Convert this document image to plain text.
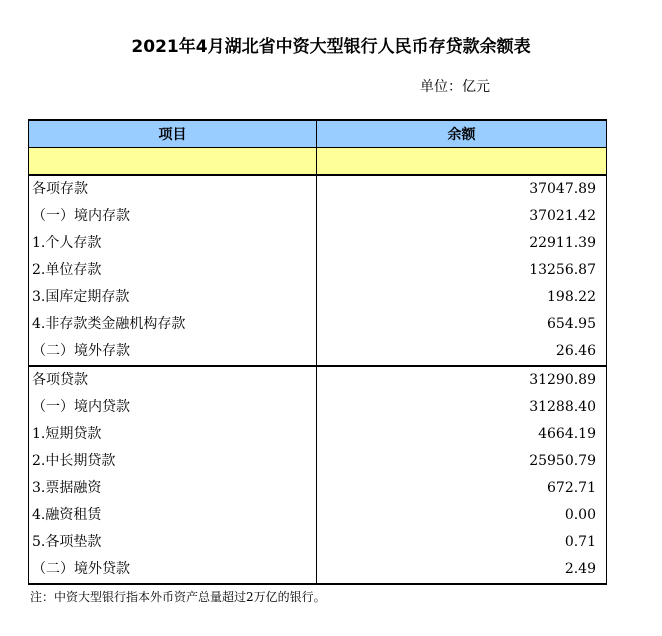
2021年4月湖北省中资大型银行人民币存贷款余额表
单位：亿元
项目	余额

各项存款	37047.89
（一）境内存款	37021.42
1.个人存款	22911.39
2.单位存款	13256.87
3.国库定期存款	198.22
4.非存款类金融机构存款	654.95
（二）境外存款	26.46
各项贷款	31290.89
（一）境内贷款	31288.40
1.短期贷款	4664.19
2.中长期贷款	25950.79
3.票据融资	672.71
4.融资租赁	0.00
5.各项垫款	0.71
（二）境外贷款	2.49
注：中资大型银行指本外币资产总量超过2万亿的银行。
